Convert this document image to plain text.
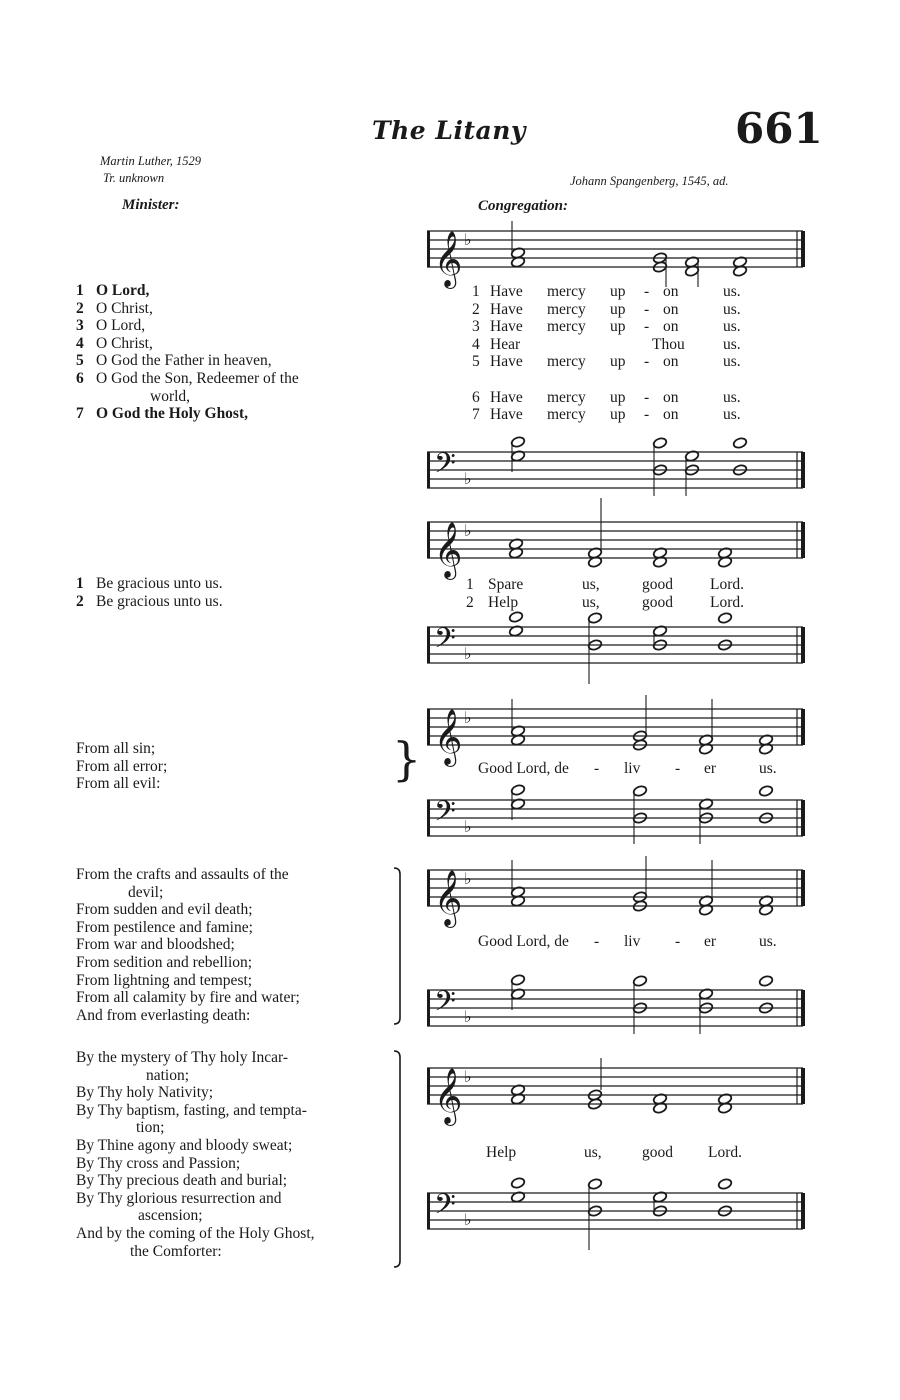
The Litany	661
Martin Luther, 1529
Tr. unknown	Johann Spangenberg, 1545, ad.
Minister:	Congregation:
1 O Lord,
2 O Christ,
3 O Lord,
4 O Christ,
5 O God the Father in heaven,
6 O God the Son, Redeemer of the
world,
7 O God the Holy Ghost,
1 Have mercy up - on	us.
2 Have mercy up - on	us.
3 Have mercy up - on	us.
4 Hear	Thou us.
5 Have mercy up - on	us.
6 Have mercy up - on	us.
7 Have mercy up - on	us.
1 Be gracious unto us.
2 Be gracious unto us.
1 Spare	us,	good Lord.
2 Help	us,	good Lord.
From all sin;
From all error;
From all evil:	}	Good Lord, de - liv - er	us.
From the crafts and assaults of the
devil;
From sudden and evil death;
From pestilence and famine;
From war and bloodshed;
From sedition and rebellion;
From lightning and tempest;
From all calamity by fire and water;
And from everlasting death:
Good Lord, de - liv - er	us.
By the mystery of Thy holy Incar-
nation;
By Thy holy Nativity;
By Thy baptism, fasting, and tempta-
tion;
By Thine agony and bloody sweat;
By Thy cross and Passion;
By Thy precious death and burial;
By Thy glorious resurrection and
ascension;
And by the coming of the Holy Ghost,
the Comforter:
Help	us,	good Lord.
𝄞 ♭
𝄢 ♭
𝄞 ♭
𝄢 ♭
𝄞 ♭
𝄢 ♭
𝄞 ♭
𝄢 ♭
𝄞 ♭
𝄢 ♭
